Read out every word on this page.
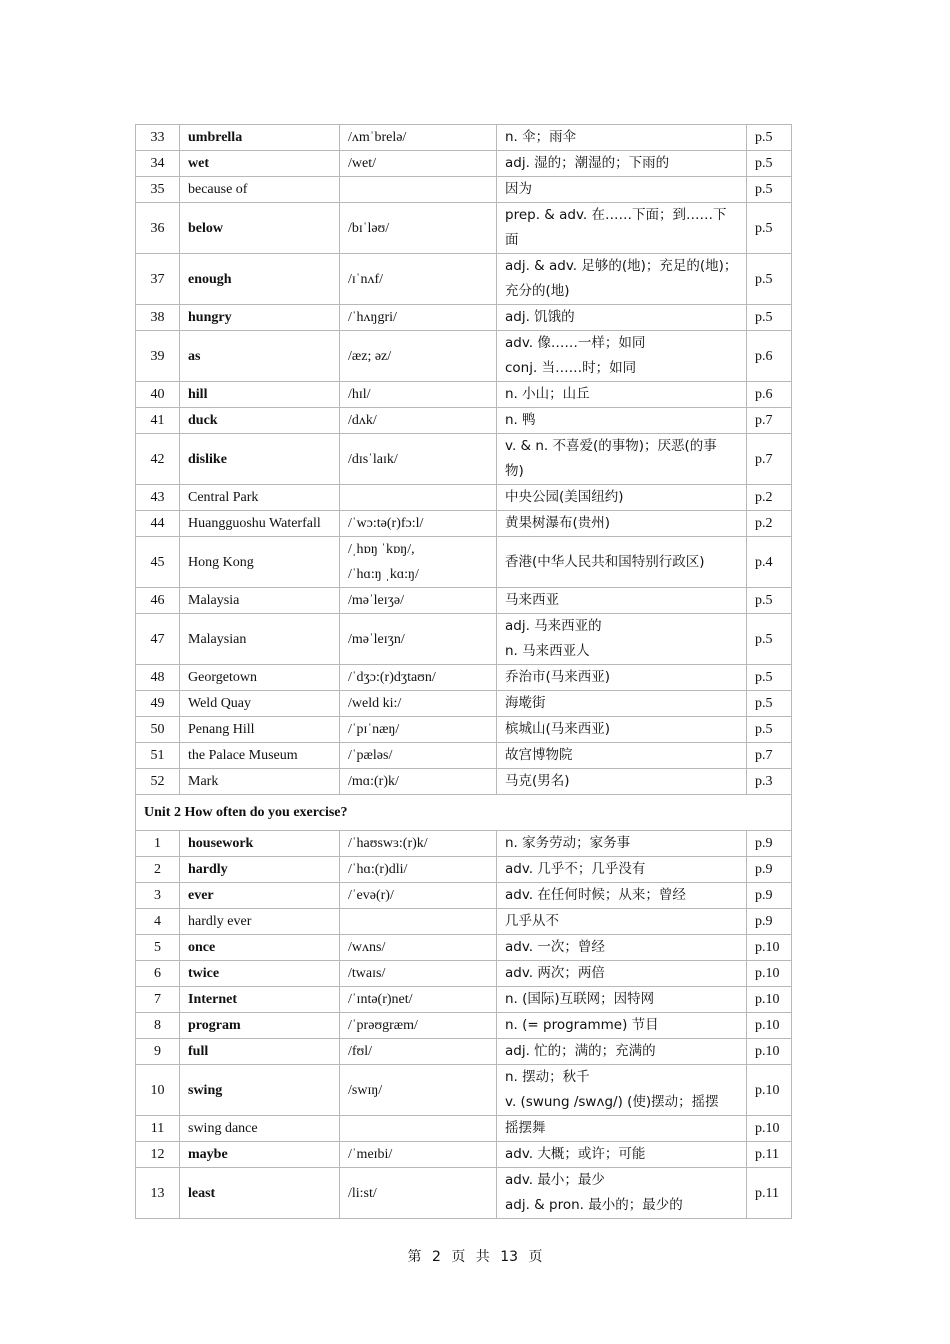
33	umbrella	/ʌmˈbrelə/	n. 伞；雨伞	p.5
34	wet	/wet/	adj. 湿的；潮湿的；下雨的	p.5
35	because of		因为	p.5
36	below	/bɪˈləʊ/	prep. & adv. 在……下面；到……下
面	p.5
37	enough	/ɪˈnʌf/	adj. & adv. 足够的(地)；充足的(地)；
充分的(地)	p.5
38	hungry	/ˈhʌŋgri/	adj. 饥饿的	p.5
39	as	/æz; əz/	adv. 像……一样；如同
conj. 当……时；如同	p.6
40	hill	/hɪl/	n. 小山；山丘	p.6
41	duck	/dʌk/	n. 鸭	p.7
42	dislike	/dɪsˈlaɪk/	v. & n. 不喜爱(的事物)；厌恶(的事
物)	p.7
43	Central Park		中央公园(美国纽约)	p.2
44	Huangguoshu Waterfall	/ˈwɔ:tə(r)fɔ:l/	黄果树瀑布(贵州)	p.2
45	Hong Kong	/ˌhɒŋ ˈkɒŋ/,
/ˈhɑ:ŋ ˌkɑ:ŋ/	香港(中华人民共和国特别行政区)	p.4
46	Malaysia	/məˈleɪʒə/	马来西亚	p.5
47	Malaysian	/məˈleɪʒn/	adj. 马来西亚的
n. 马来西亚人	p.5
48	Georgetown	/ˈdʒɔ:(r)dʒtaʊn/	乔治市(马来西亚)	p.5
49	Weld Quay	/weld ki:/	海墘街	p.5
50	Penang Hill	/ˈpɪˈnæŋ/	槟城山(马来西亚)	p.5
51	the Palace Museum	/ˈpæləs/	故宫博物院	p.7
52	Mark	/mɑ:(r)k/	马克(男名)	p.3
Unit 2 How often do you exercise?				
1	housework	/ˈhaʊswɜ:(r)k/	n. 家务劳动；家务事	p.9
2	hardly	/ˈhɑ:(r)dli/	adv. 几乎不；几乎没有	p.9
3	ever	/ˈevə(r)/	adv. 在任何时候；从来；曾经	p.9
4	hardly ever		几乎从不	p.9
5	once	/wʌns/	adv. 一次；曾经	p.10
6	twice	/twaɪs/	adv. 两次；两倍	p.10
7	Internet	/ˈɪntə(r)net/	n. (国际)互联网；因特网	p.10
8	program	/ˈprəʊgræm/	n. (= programme) 节目	p.10
9	full	/fʊl/	adj. 忙的；满的；充满的	p.10
10	swing	/swɪŋ/	n. 摆动；秋千
v. (swung /swʌg/) (使)摆动；摇摆	p.10
11	swing dance		摇摆舞	p.10
12	maybe	/ˈmeɪbi/	adv. 大概；或许；可能	p.11
13	least	/li:st/	adv. 最小；最少
adj. & pron. 最小的；最少的	p.11
第 2 页 共 13 页
